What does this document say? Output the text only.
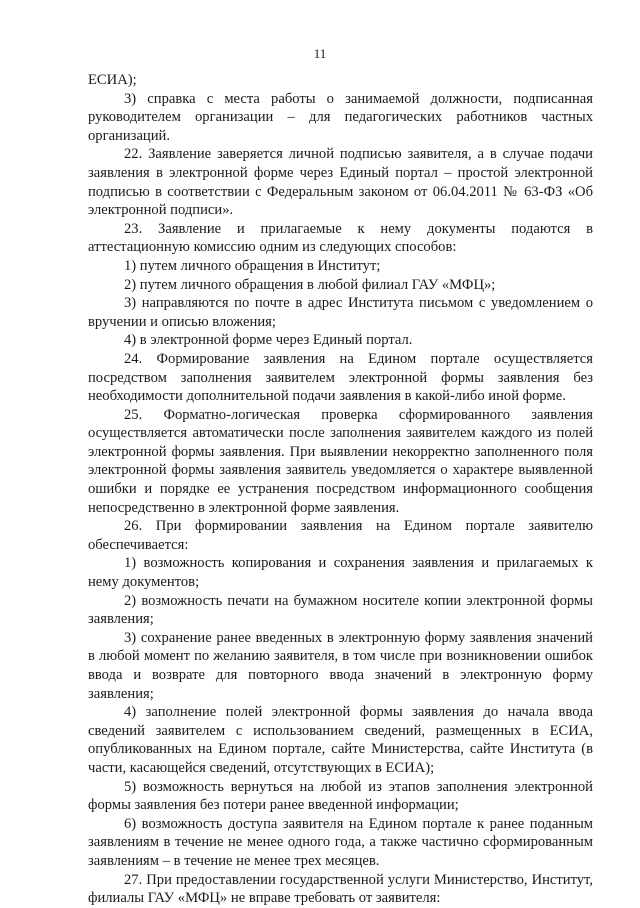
11

ЕСИА);

3) справка с места работы о занимаемой должности, подписанная руководителем организации – для педагогических работников частных организаций.

22. Заявление заверяется личной подписью заявителя, а в случае подачи заявления в электронной форме через Единый портал – простой электронной подписью в соответствии с Федеральным законом от 06.04.2011 № 63-ФЗ «Об электронной подписи».

23. Заявление и прилагаемые к нему документы подаются в аттестационную комиссию одним из следующих способов:

1) путем личного обращения в Институт;

2) путем личного обращения в любой филиал ГАУ «МФЦ»;

3) направляются по почте в адрес Института письмом с уведомлением о вручении и описью вложения;

4) в электронной форме через Единый портал.

24. Формирование заявления на Едином портале осуществляется посредством заполнения заявителем электронной формы заявления без необходимости дополнительной подачи заявления в какой-либо иной форме.

25. Форматно-логическая проверка сформированного заявления осуществляется автоматически после заполнения заявителем каждого из полей электронной формы заявления. При выявлении некорректно заполненного поля электронной формы заявления заявитель уведомляется о характере выявленной ошибки и порядке ее устранения посредством информационного сообщения непосредственно в электронной форме заявления.

26. При формировании заявления на Едином портале заявителю обеспечивается:

1) возможность копирования и сохранения заявления и прилагаемых к нему документов;

2) возможность печати на бумажном носителе копии электронной формы заявления;

3) сохранение ранее введенных в электронную форму заявления значений в любой момент по желанию заявителя, в том числе при возникновении ошибок ввода и возврате для повторного ввода значений в электронную форму заявления;

4) заполнение полей электронной формы заявления до начала ввода сведений заявителем с использованием сведений, размещенных в ЕСИА, опубликованных на Едином портале, сайте Министерства, сайте Института (в части, касающейся сведений, отсутствующих в ЕСИА);

5) возможность вернуться на любой из этапов заполнения электронной формы заявления без потери ранее введенной информации;

6) возможность доступа заявителя на Едином портале к ранее поданным заявлениям в течение не менее одного года, а также частично сформированным заявлениям – в течение не менее трех месяцев.

27. При предоставлении государственной услуги Министерство, Институт, филиалы ГАУ «МФЦ» не вправе требовать от заявителя:
